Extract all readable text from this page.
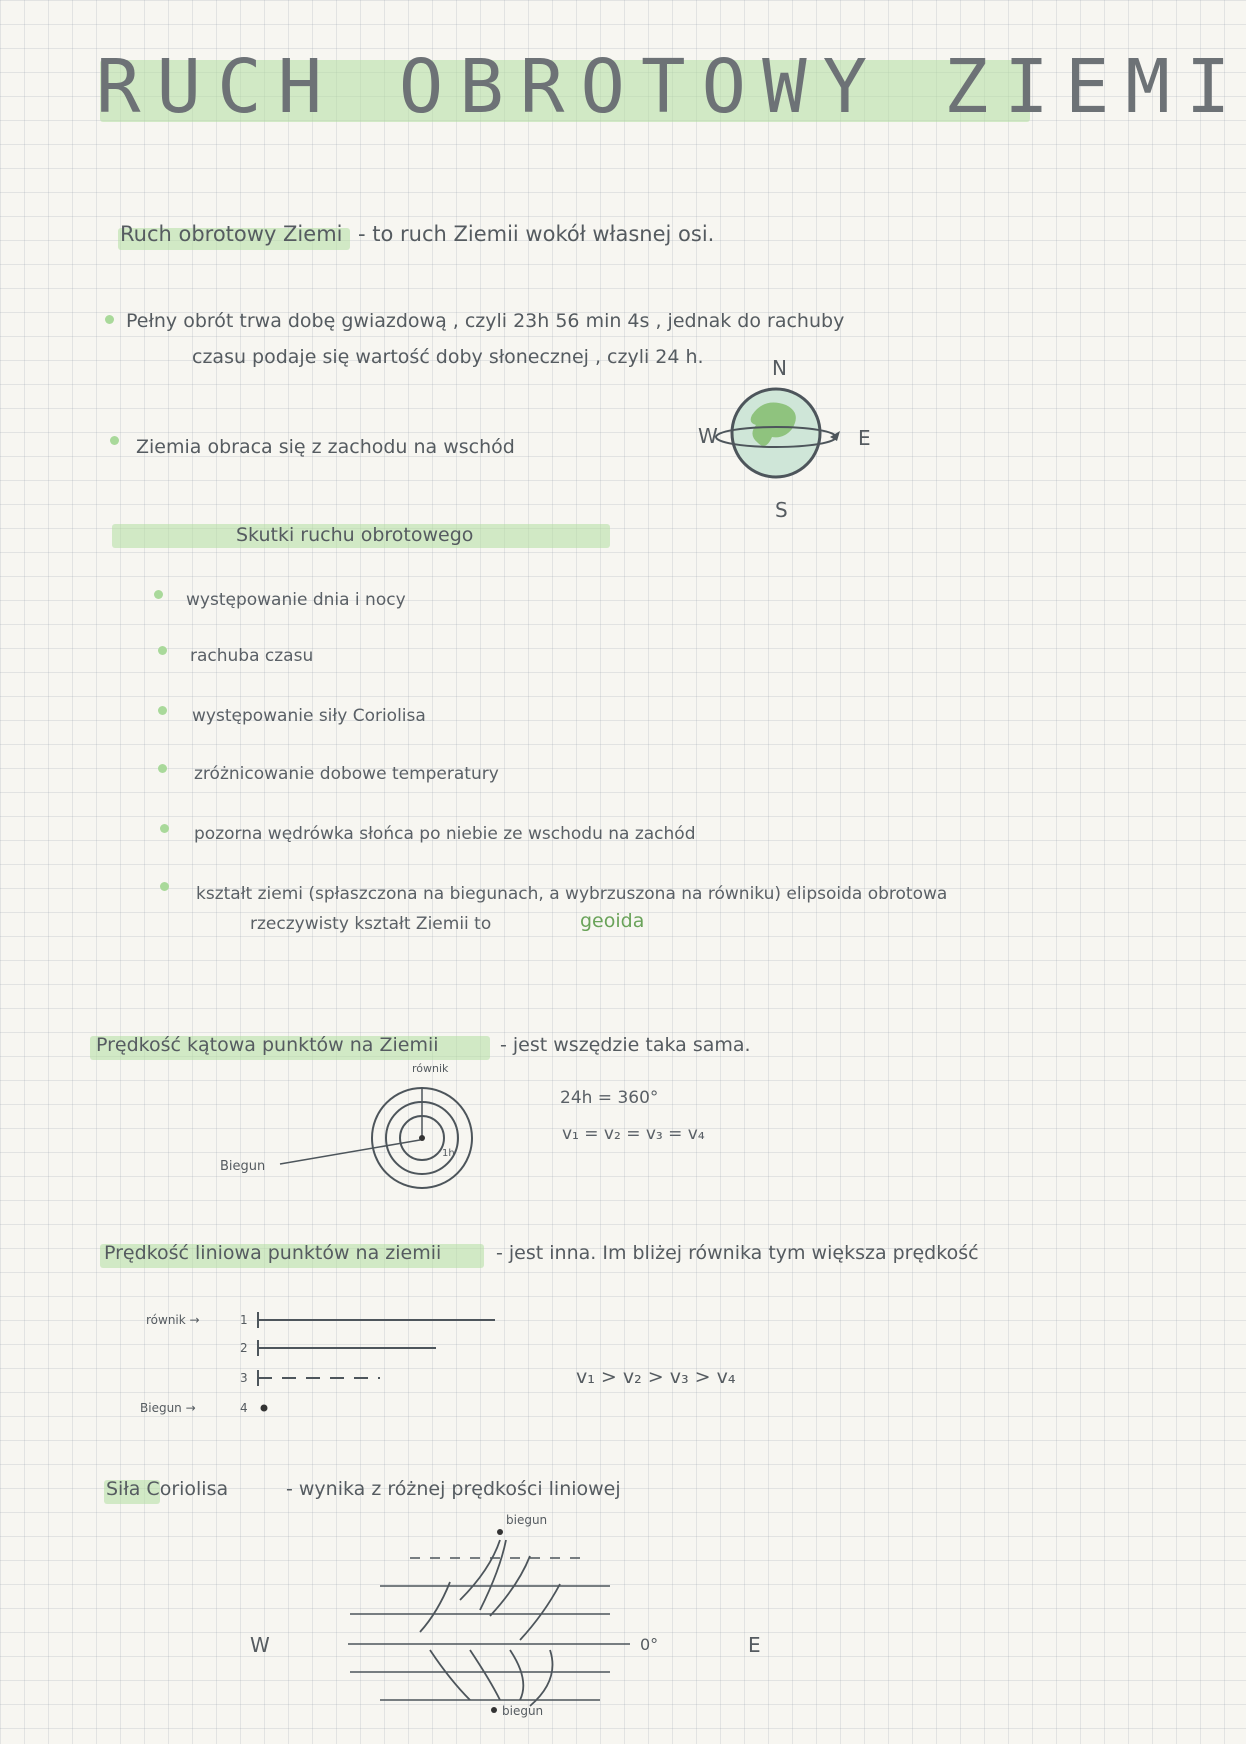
RUCH OBROTOWY ZIEMI
Ruch obrotowy Ziemi - to ruch Ziemii wokół własnej osi.
Pełny obrót trwa dobę gwiazdową , czyli 23h 56 min 4s , jednak do rachuby
czasu podaje się wartość doby słonecznej , czyli 24 h.
Ziemia obraca się z zachodu na wschód
N
W	E
S
Skutki ruchu obrotowego
występowanie dnia i nocy
rachuba czasu
występowanie siły Coriolisa
zróżnicowanie dobowe temperatury
pozorna wędrówka słońca po niebie ze wschodu na zachód
kształt ziemi (spłaszczona na biegunach, a wybrzuszona na równiku) elipsoida obrotowa
rzeczywisty kształt Ziemii to	geoida
Prędkość kątowa punktów na Ziemii	- jest wszędzie taka sama.
równik
Biegun
1h
24h = 360°
v₁ = v₂ = v₃ = v₄
Prędkość liniowa punktów na ziemii	- jest inna. Im bliżej równika tym większa prędkość
równik →
Biegun →
1
2
3
4
v₁ > v₂ > v₃ > v₄
Siła Coriolisa	- wynika z różnej prędkości liniowej
biegun
biegun
W	0°	E
